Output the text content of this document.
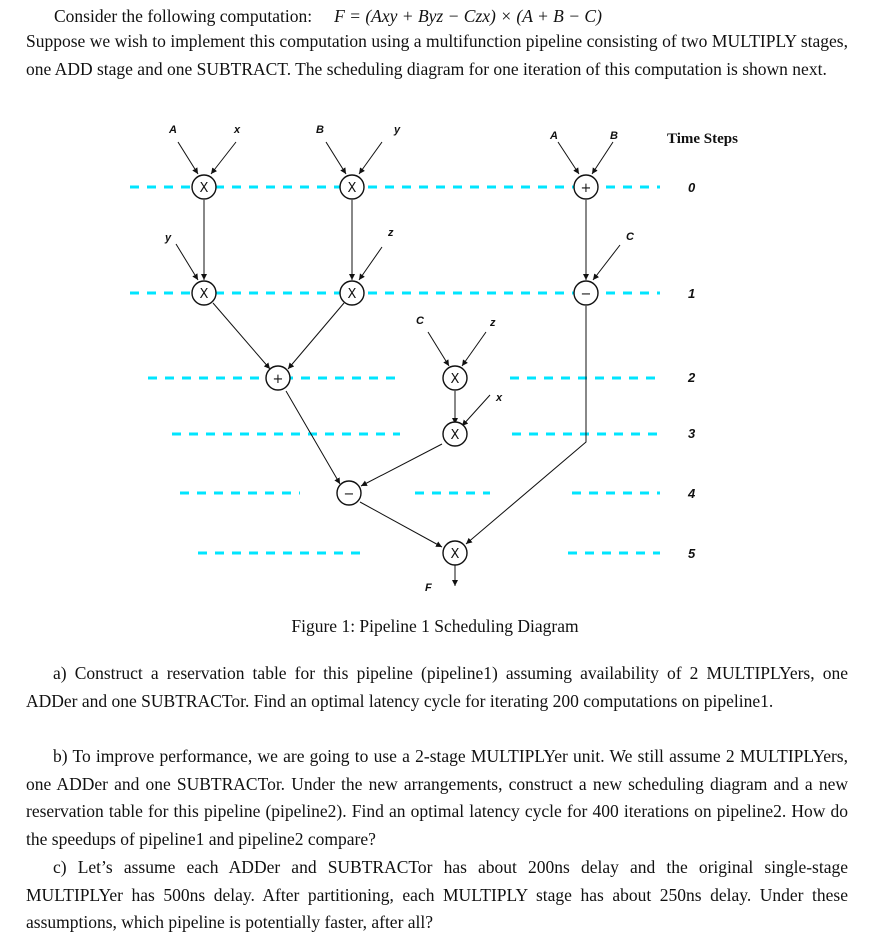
Consider the following computation: F = (Axy + Byz − Czx) × (A + B − C)

Suppose we wish to implement this computation using a multifunction pipeline consisting of two MULTIPLY stages, one ADD stage and one SUBTRACT. The scheduling diagram for one iteration of this computation is shown next.

X	X	+
X	X	−
+	X
X
−
X
A	x	B	y	A	B
y	z	C
C	z
x
F
Time Steps
0
1
2
3
4
5
Figure 1: Pipeline 1 Scheduling Diagram

a) Construct a reservation table for this pipeline (pipeline1) assuming availability of 2 MULTIPLYers, one ADDer and one SUBTRACTor. Find an optimal latency cycle for iterating 200 computations on pipeline1.

b) To improve performance, we are going to use a 2-stage MULTIPLYer unit. We still assume 2 MULTIPLYers, one ADDer and one SUBTRACTor. Under the new arrangements, construct a new scheduling diagram and a new reservation table for this pipeline (pipeline2). Find an optimal latency cycle for 400 iterations on pipeline2. How do the speedups of pipeline1 and pipeline2 compare?

c) Let’s assume each ADDer and SUBTRACTor has about 200ns delay and the original single-stage MULTIPLYer has 500ns delay. After partitioning, each MULTIPLY stage has about 250ns delay. Under these assumptions, which pipeline is potentially faster, after all?
